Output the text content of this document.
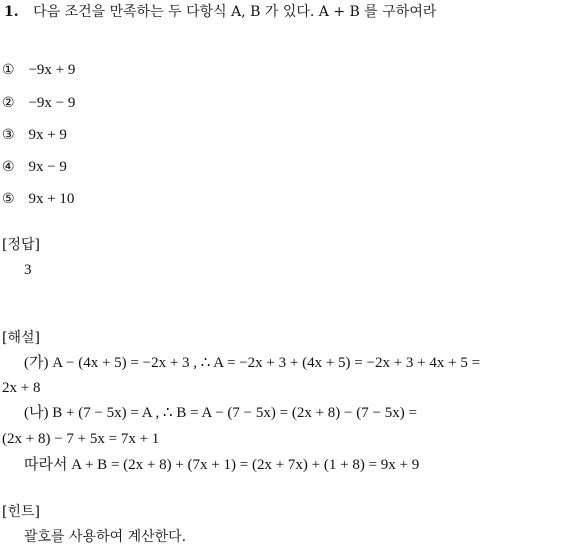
1. 다음 조건을 만족하는 두 다항식 A, B 가 있다. A + B 를 구하여라
① −9x + 9
② −9x − 9
③ 9x + 9
④ 9x − 9
⑤ 9x + 10
[정답]
3
[해설]
(가) A − (4x + 5) = −2x + 3 , ∴ A = −2x + 3 + (4x + 5) = −2x + 3 + 4x + 5 =
2x + 8
(나) B + (7 − 5x) = A , ∴ B = A − (7 − 5x) = (2x + 8) − (7 − 5x) =
(2x + 8) − 7 + 5x = 7x + 1
따라서 A + B = (2x + 8) + (7x + 1) = (2x + 7x) + (1 + 8) = 9x + 9
[힌트]
괄호를 사용하여 계산한다.
